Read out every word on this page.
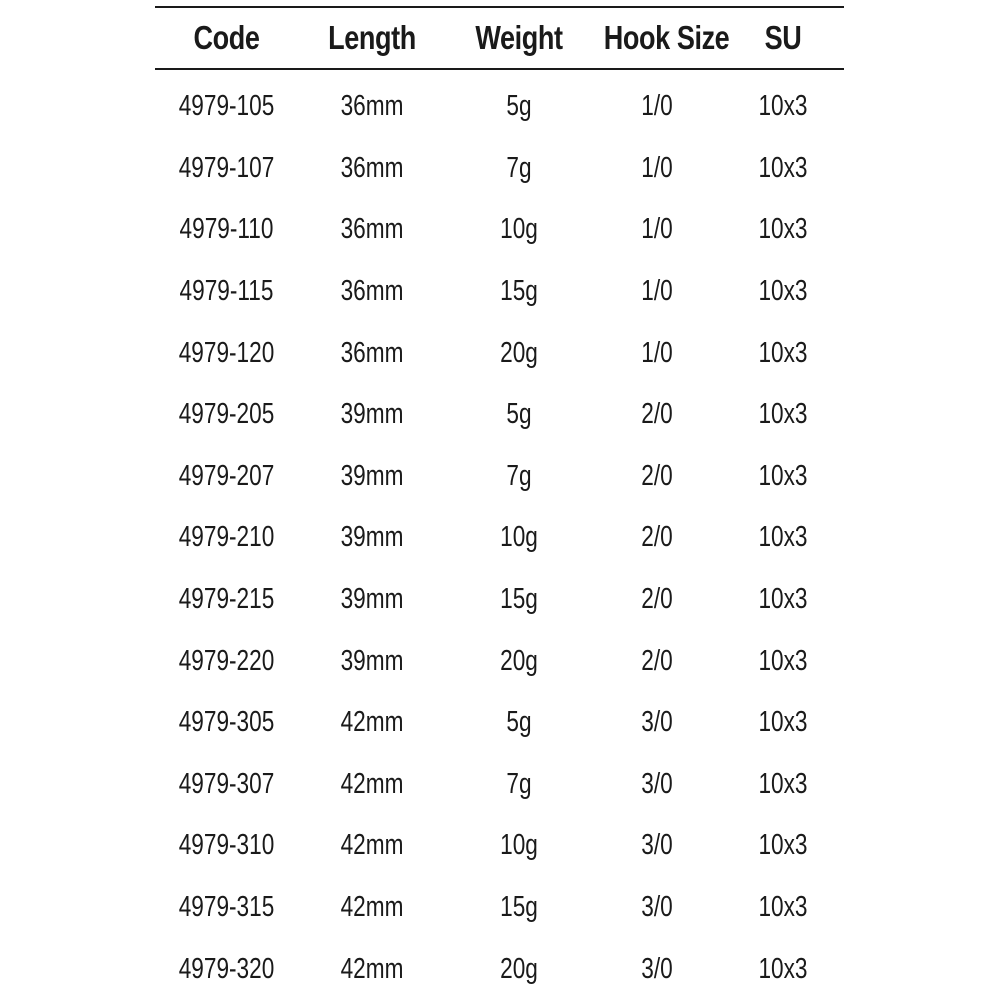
Code	Length	Weight	Hook Size	SU
4979-105	36mm	5g	1/0	10x3
4979-107	36mm	7g	1/0	10x3
4979-110	36mm	10g	1/0	10x3
4979-115	36mm	15g	1/0	10x3
4979-120	36mm	20g	1/0	10x3
4979-205	39mm	5g	2/0	10x3
4979-207	39mm	7g	2/0	10x3
4979-210	39mm	10g	2/0	10x3
4979-215	39mm	15g	2/0	10x3
4979-220	39mm	20g	2/0	10x3
4979-305	42mm	5g	3/0	10x3
4979-307	42mm	7g	3/0	10x3
4979-310	42mm	10g	3/0	10x3
4979-315	42mm	15g	3/0	10x3
4979-320	42mm	20g	3/0	10x3
